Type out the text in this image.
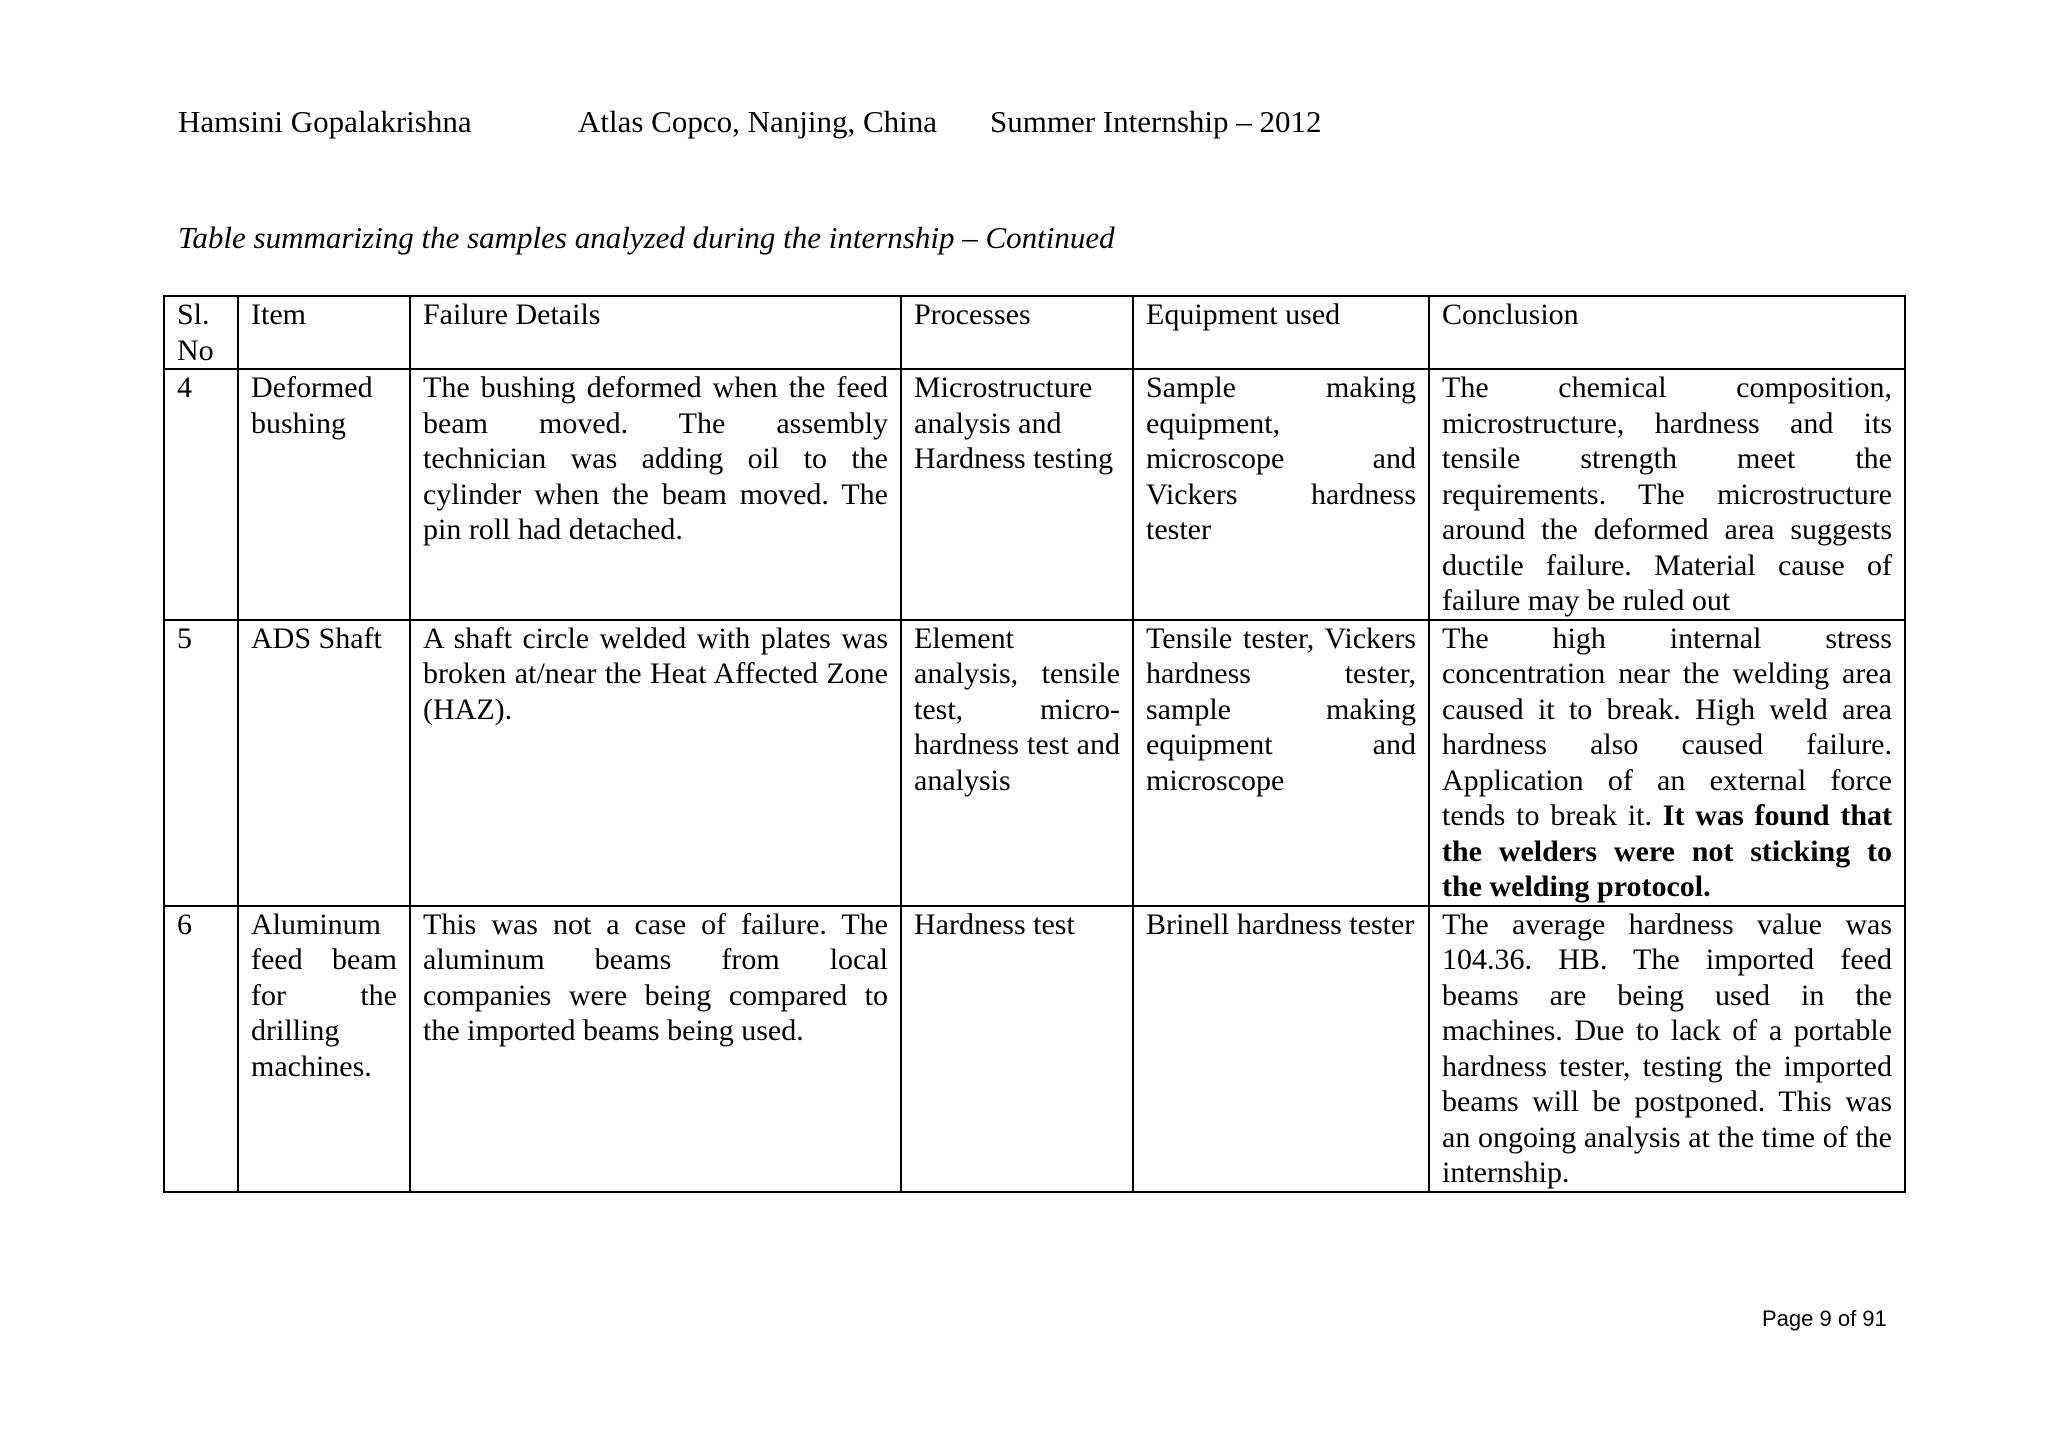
Hamsini Gopalakrishna	Atlas Copco, Nanjing, China Summer Internship – 2012
Table summarizing the samples analyzed during the internship – Continued
Sl. No	Item	Failure Details	Processes	Equipment used	Conclusion
4	Deformed bushing	The bushing deformed when the feed beam moved. The assembly technician was adding oil to the cylinder when the beam moved. The pin roll had detached.	Microstructure analysis and Hardness testing	Sample making equipment, microscope and Vickers hardness tester	The chemical composition, microstructure, hardness and its tensile strength meet the requirements. The microstructure around the deformed area suggests ductile failure. Material cause of failure may be ruled out
5	ADS Shaft	A shaft circle welded with plates was broken at/near the Heat Affected Zone (HAZ).	Element analysis, tensile test, micro-hardness test and analysis	Tensile tester, Vickers hardness tester, sample making equipment and microscope	The high internal stress concentration near the welding area caused it to break. High weld area hardness also caused failure. Application of an external force tends to break it. It was found that the welders were not sticking to the welding protocol.
6	Aluminum feed beam for the drilling machines.	This was not a case of failure. The aluminum beams from local companies were being compared to the imported beams being used.	Hardness test	Brinell hardness tester	The average hardness value was 104.36. HB. The imported feed beams are being used in the machines. Due to lack of a portable hardness tester, testing the imported beams will be postponed. This was an ongoing analysis at the time of the internship.
Page 9 of 91
